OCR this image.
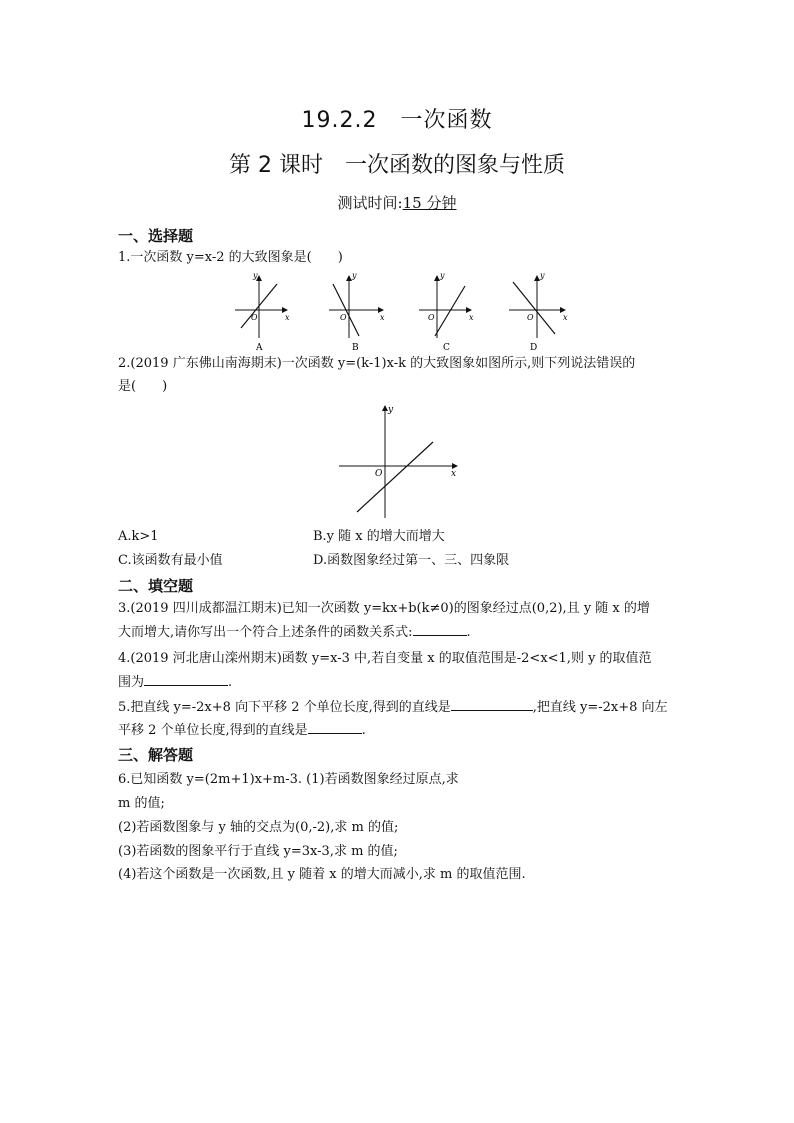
19.2.2　一次函数
第 2 课时　一次函数的图象与性质
测试时间:15 分钟
一、选择题
1.一次函数 y=x-2 的大致图象是(　　)
O	x
y
A
O	x
y
B
O	x
y
C
O	x
y
D
2.(2019 广东佛山南海期末)一次函数 y=(k-1)x-k 的大致图象如图所示,则下列说法错误的
是(　　)
O	x
y
A.k>1	B.y 随 x 的增大而增大
C.该函数有最小值	D.函数图象经过第一、三、四象限
二、填空题
3.(2019 四川成都温江期末)已知一次函数 y=kx+b(k≠0)的图象经过点(0,2),且 y 随 x 的增
大而增大,请你写出一个符合上述条件的函数关系式:	.
4.(2019 河北唐山滦州期末)函数 y=x-3 中,若自变量 x 的取值范围是-2<x<1,则 y 的取值范
围为	.
5.把直线 y=-2x+8 向下平移 2 个单位长度,得到的直线是	,把直线 y=-2x+8 向左
平移 2 个单位长度,得到的直线是	.
三、解答题
6.已知函数 y=(2m+1)x+m-3. (1)若函数图象经过原点,求
m 的值;
(2)若函数图象与 y 轴的交点为(0,-2),求 m 的值;
(3)若函数的图象平行于直线 y=3x-3,求 m 的值;
(4)若这个函数是一次函数,且 y 随着 x 的增大而减小,求 m 的取值范围.
